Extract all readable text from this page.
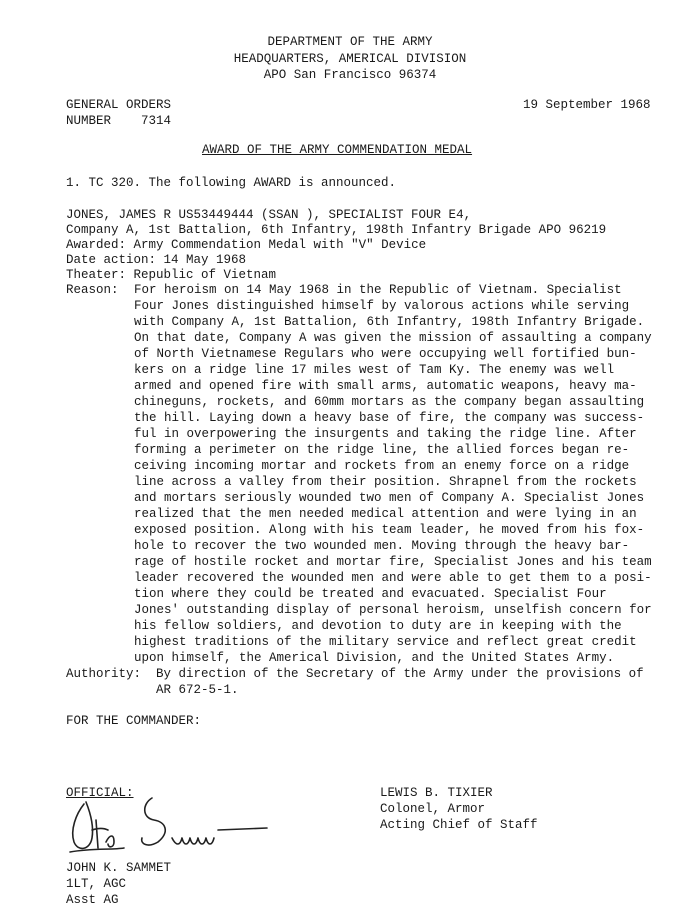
DEPARTMENT OF THE ARMY
HEADQUARTERS, AMERICAL DIVISION
APO San Francisco 96374
GENERAL ORDERS
NUMBER 7314
19 September 1968
AWARD OF THE ARMY COMMENDATION MEDAL
1. TC 320. The following AWARD is announced.
JONES, JAMES R US53449444 (SSAN ), SPECIALIST FOUR E4,
Company A, 1st Battalion, 6th Infantry, 198th Infantry Brigade APO 96219
Awarded: Army Commendation Medal with "V" Device
Date action: 14 May 1968
Theater: Republic of Vietnam
Reason: For heroism on 14 May 1968 in the Republic of Vietnam. Specialist
Four Jones distinguished himself by valorous actions while serving
with Company A, 1st Battalion, 6th Infantry, 198th Infantry Brigade.
On that date, Company A was given the mission of assaulting a company
of North Vietnamese Regulars who were occupying well fortified bun-
kers on a ridge line 17 miles west of Tam Ky. The enemy was well
armed and opened fire with small arms, automatic weapons, heavy ma-
chineguns, rockets, and 60mm mortars as the company began assaulting
the hill. Laying down a heavy base of fire, the company was success-
ful in overpowering the insurgents and taking the ridge line. After
forming a perimeter on the ridge line, the allied forces began re-
ceiving incoming mortar and rockets from an enemy force on a ridge
line across a valley from their position. Shrapnel from the rockets
and mortars seriously wounded two men of Company A. Specialist Jones
realized that the men needed medical attention and were lying in an
exposed position. Along with his team leader, he moved from his fox-
hole to recover the two wounded men. Moving through the heavy bar-
rage of hostile rocket and mortar fire, Specialist Jones and his team
leader recovered the wounded men and were able to get them to a posi-
tion where they could be treated and evacuated. Specialist Four
Jones' outstanding display of personal heroism, unselfish concern for
his fellow soldiers, and devotion to duty are in keeping with the
highest traditions of the military service and reflect great credit
upon himself, the Americal Division, and the United States Army.
Authority: By direction of the Secretary of the Army under the provisions of
AR 672-5-1.
FOR THE COMMANDER:
LEWIS B. TIXIER
Colonel, Armor
Acting Chief of Staff
OFFICIAL:
JOHN K. SAMMET
1LT, AGC
Asst AG
